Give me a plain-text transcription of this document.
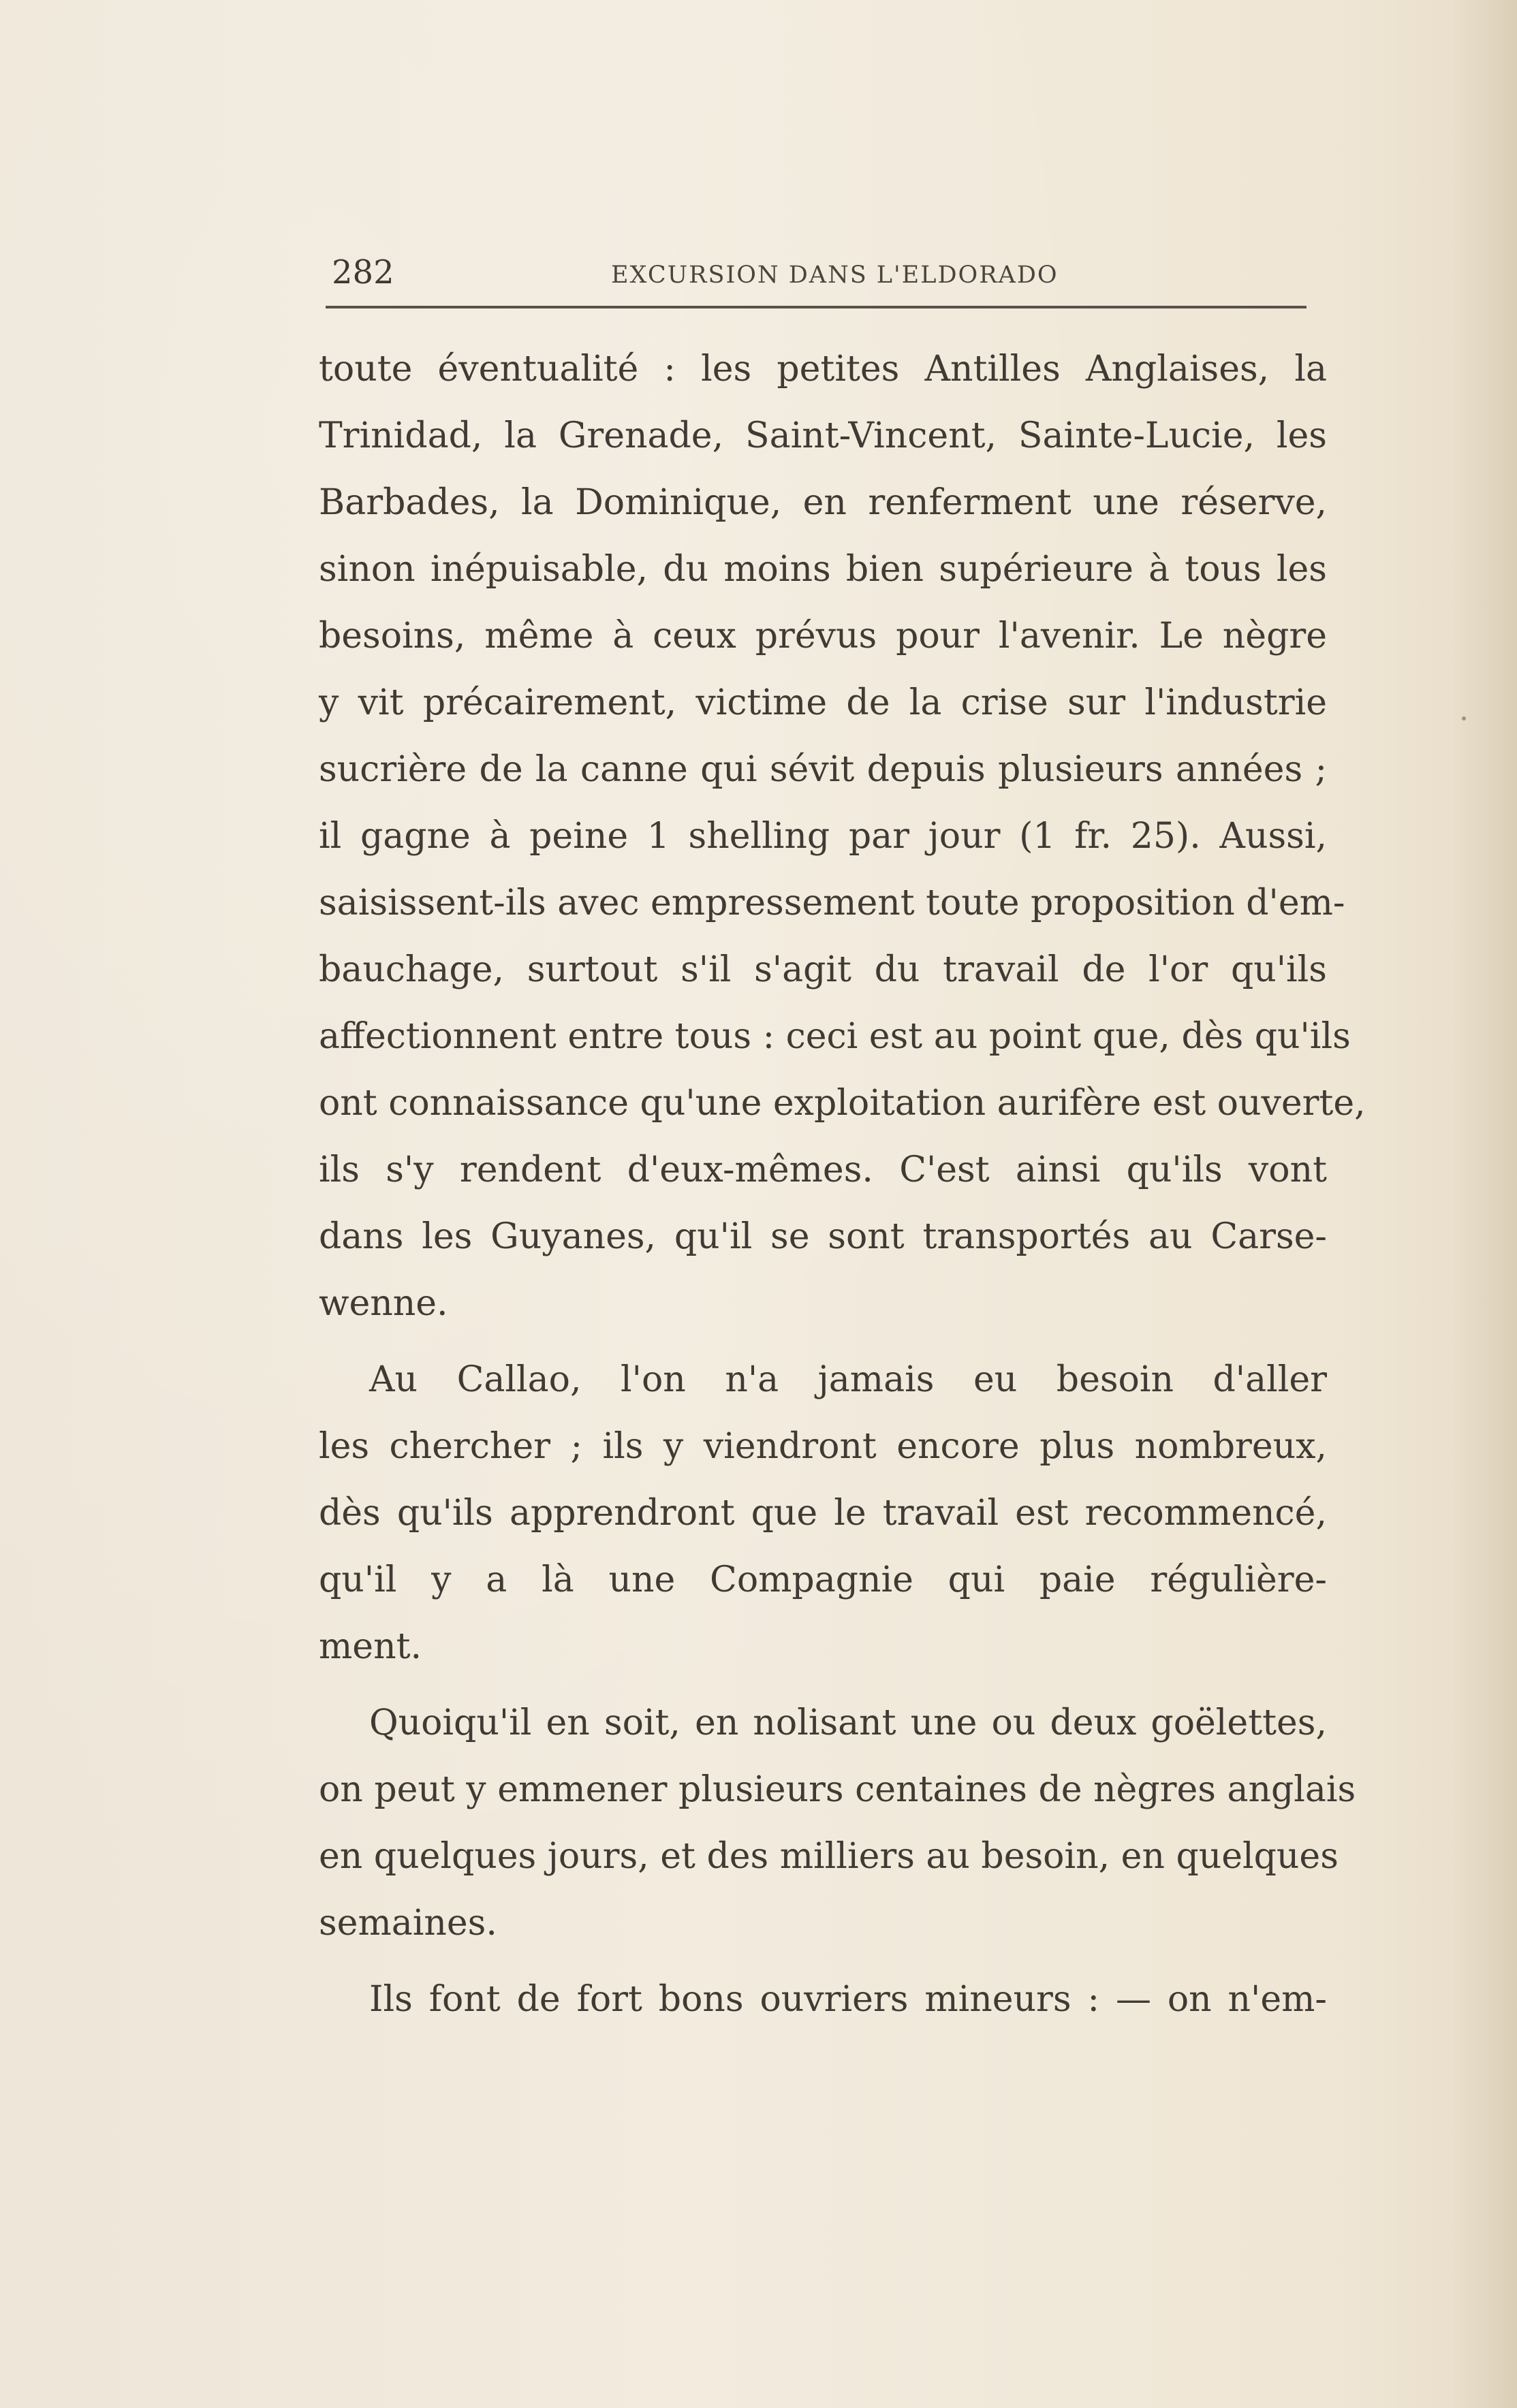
282	EXCURSION DANS L'ELDORADO
toute éventualité : les petites Antilles Anglaises, la
Trinidad, la Grenade, Saint-Vincent, Sainte-Lucie, les
Barbades, la Dominique, en renferment une réserve,
sinon inépuisable, du moins bien supérieure à tous les
besoins, même à ceux prévus pour l'avenir. Le nègre
y vit précairement, victime de la crise sur l'industrie
sucrière de la canne qui sévit depuis plusieurs années ;
il gagne à peine 1 shelling par jour (1 fr. 25). Aussi,
saisissent-ils avec empressement toute proposition d'em-
bauchage, surtout s'il s'agit du travail de l'or qu'ils
affectionnent entre tous : ceci est au point que, dès qu'ils
ont connaissance qu'une exploitation aurifère est ouverte,
ils s'y rendent d'eux-mêmes. C'est ainsi qu'ils vont
dans les Guyanes, qu'il se sont transportés au Carse-
wenne.
Au Callao, l'on n'a jamais eu besoin d'aller
les chercher ; ils y viendront encore plus nombreux,
dès qu'ils apprendront que le travail est recommencé,
qu'il y a là une Compagnie qui paie régulière-
ment.
Quoiqu'il en soit, en nolisant une ou deux goëlettes,
on peut y emmener plusieurs centaines de nègres anglais
en quelques jours, et des milliers au besoin, en quelques
semaines.
Ils font de fort bons ouvriers mineurs : — on n'em-
